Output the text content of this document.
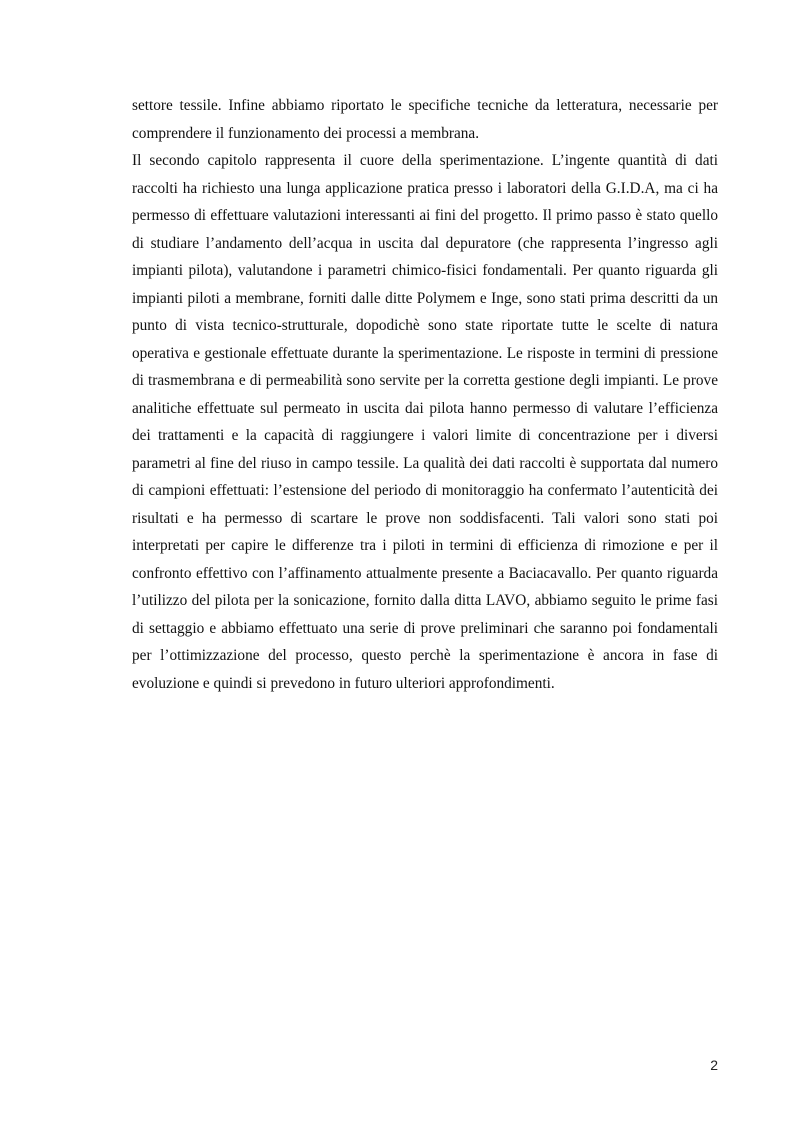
settore tessile. Infine abbiamo riportato le specifiche tecniche da letteratura, necessarie per comprendere il funzionamento dei processi a membrana.

Il secondo capitolo rappresenta il cuore della sperimentazione. L’ingente quantità di dati raccolti ha richiesto una lunga applicazione pratica presso i laboratori della G.I.D.A, ma ci ha permesso di effettuare valutazioni interessanti ai fini del progetto. Il primo passo è stato quello di studiare l’andamento dell’acqua in uscita dal depuratore (che rappresenta l’ingresso agli impianti pilota), valutandone i parametri chimico-fisici fondamentali. Per quanto riguarda gli impianti piloti a membrane, forniti dalle ditte Polymem e Inge, sono stati prima descritti da un punto di vista tecnico-strutturale, dopodichè sono state riportate tutte le scelte di natura operativa e gestionale effettuate durante la sperimentazione. Le risposte in termini di pressione di trasmembrana e di permeabilità sono servite per la corretta gestione degli impianti. Le prove analitiche effettuate sul permeato in uscita dai pilota hanno permesso di valutare l’efficienza dei trattamenti e la capacità di raggiungere i valori limite di concentrazione per i diversi parametri al fine del riuso in campo tessile. La qualità dei dati raccolti è supportata dal numero di campioni effettuati: l’estensione del periodo di monitoraggio ha confermato l’autenticità dei risultati e ha permesso di scartare le prove non soddisfacenti. Tali valori sono stati poi interpretati per capire le differenze tra i piloti in termini di efficienza di rimozione e per il confronto effettivo con l’affinamento attualmente presente a Baciacavallo. Per quanto riguarda l’utilizzo del pilota per la sonicazione, fornito dalla ditta LAVO, abbiamo seguito le prime fasi di settaggio e abbiamo effettuato una serie di prove preliminari che saranno poi fondamentali per l’ottimizzazione del processo, questo perchè la sperimentazione è ancora in fase di evoluzione e quindi si prevedono in futuro ulteriori approfondimenti.

2
